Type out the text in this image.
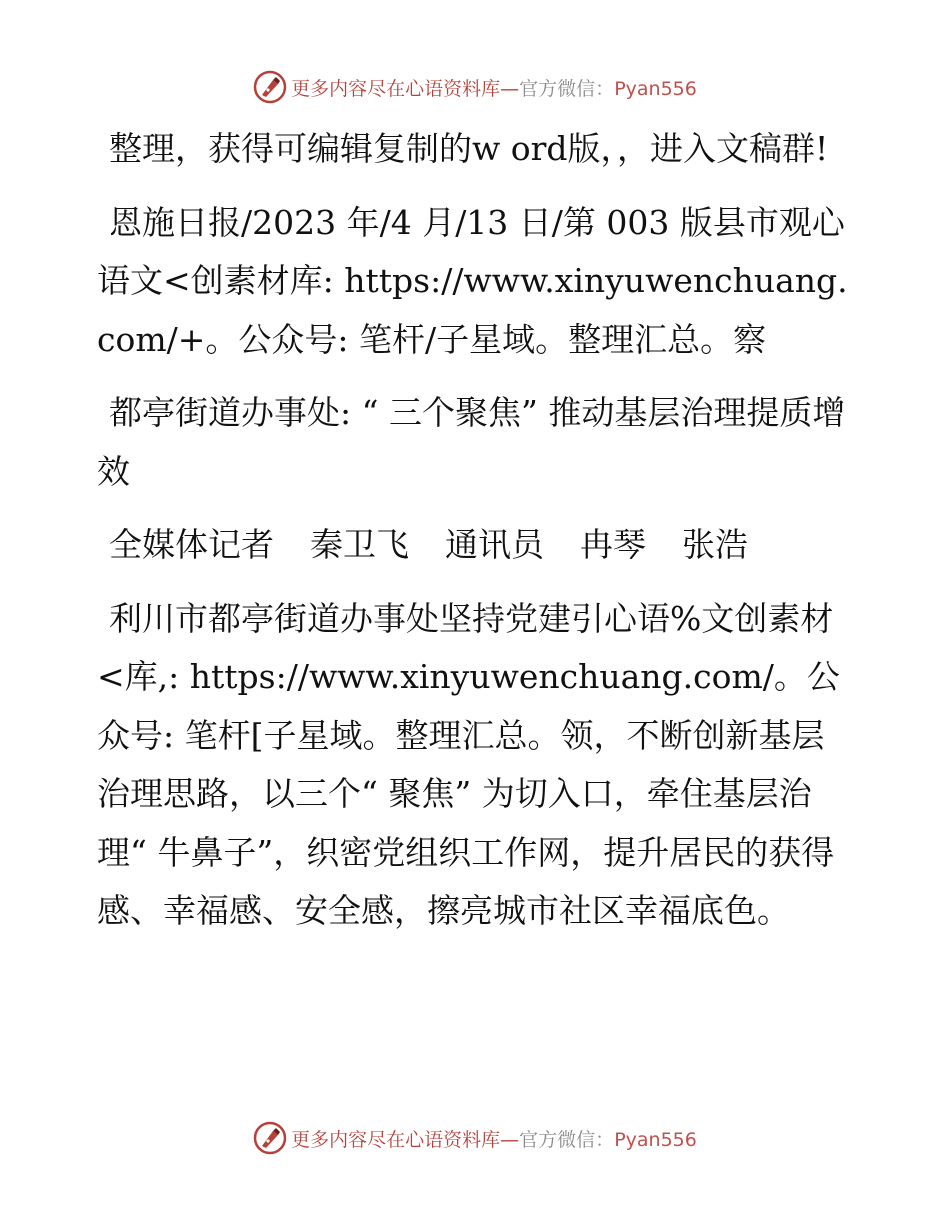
更多内容尽在心语资料库—官方微信：Pyan556

整理，获得可编辑复制的w ord版，，进入文稿群!

恩施日报/2023 年/4 月/13 日/第 003 版县市观心语文<创素材库: https://www.xinyuwenchuang.com/+。公众号: 笔杆/子星域。整理汇总。察

都亭街道办事处: “ 三个聚焦” 推动基层治理提质增效

全媒体记者 秦卫飞 通讯员 冉琴 张浩

利川市都亭街道办事处坚持党建引心语%文创素材<库,: https://www.xinyuwenchuang.com/。公众号: 笔杆[子星域。整理汇总。领，不断创新基层治理思路，以三个“ 聚焦” 为切入口，牵住基层治理“ 牛鼻子”，织密党组织工作网，提升居民的获得感、幸福感、安全感，擦亮城市社区幸福底色。

更多内容尽在心语资料库—官方微信：Pyan556
